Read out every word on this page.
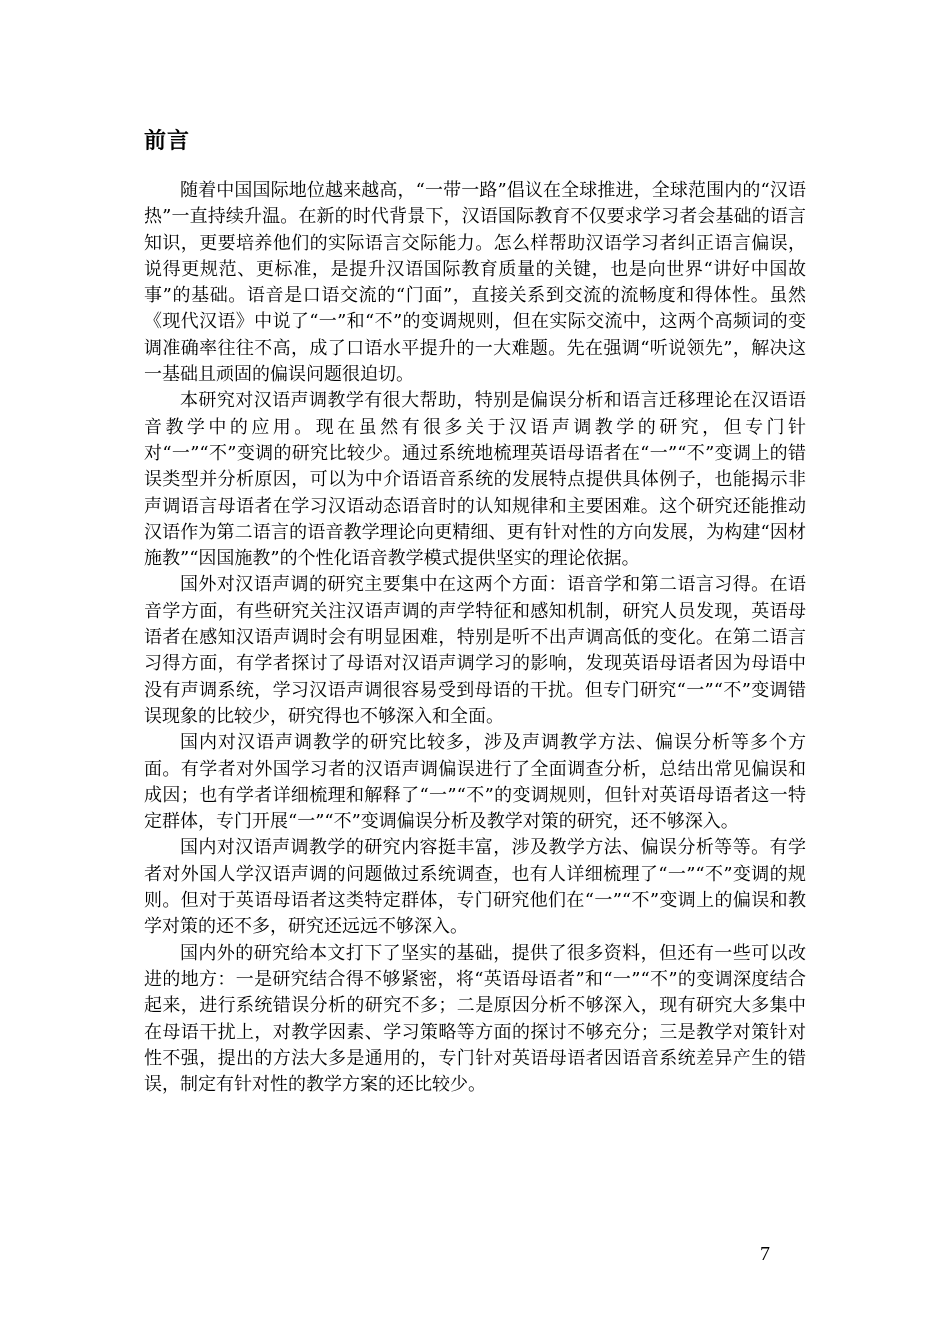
前言

随着中国国际地位越来越高，“一带一路”倡议在全球推进，全球范围内的“汉语热”一直持续升温。在新的时代背景下，汉语国际教育不仅要求学习者会基础的语言知识，更要培养他们的实际语言交际能力。怎么样帮助汉语学习者纠正语言偏误，说得更规范、更标准，是提升汉语国际教育质量的关键，也是向世界“讲好中国故事”的基础。语音是口语交流的“门面”，直接关系到交流的流畅度和得体性。虽然《现代汉语》中说了“一”和“不”的变调规则，但在实际交流中，这两个高频词的变调准确率往往不高，成了口语水平提升的一大难题。先在强调“听说领先”，解决这一基础且顽固的偏误问题很迫切。

本研究对汉语声调教学有很大帮助，特别是偏误分析和语言迁移理论在汉语语音教学中的应用。现在虽然有很多关于汉语声调教学的研究，但专门针对“一”“不”变调的研究比较少。通过系统地梳理英语母语者在“一”“不”变调上的错误类型并分析原因，可以为中介语语音系统的发展特点提供具体例子，也能揭示非声调语言母语者在学习汉语动态语音时的认知规律和主要困难。这个研究还能推动汉语作为第二语言的语音教学理论向更精细、更有针对性的方向发展，为构建“因材施教”“因国施教”的个性化语音教学模式提供坚实的理论依据。

国外对汉语声调的研究主要集中在这两个方面：语音学和第二语言习得。在语音学方面，有些研究关注汉语声调的声学特征和感知机制，研究人员发现，英语母语者在感知汉语声调时会有明显困难，特别是听不出声调高低的变化。在第二语言习得方面，有学者探讨了母语对汉语声调学习的影响，发现英语母语者因为母语中没有声调系统，学习汉语声调很容易受到母语的干扰。但专门研究“一”“不”变调错误现象的比较少，研究得也不够深入和全面。

国内对汉语声调教学的研究比较多，涉及声调教学方法、偏误分析等多个方面。有学者对外国学习者的汉语声调偏误进行了全面调查分析，总结出常见偏误和成因；也有学者详细梳理和解释了“一”“不”的变调规则，但针对英语母语者这一特定群体，专门开展“一”“不”变调偏误分析及教学对策的研究，还不够深入。

国内对汉语声调教学的研究内容挺丰富，涉及教学方法、偏误分析等等。有学者对外国人学汉语声调的问题做过系统调查，也有人详细梳理了“一”“不”变调的规则。但对于英语母语者这类特定群体，专门研究他们在“一”“不”变调上的偏误和教学对策的还不多，研究还远远不够深入。

国内外的研究给本文打下了坚实的基础，提供了很多资料，但还有一些可以改进的地方：一是研究结合得不够紧密，将“英语母语者”和“一”“不”的变调深度结合起来，进行系统错误分析的研究不多；二是原因分析不够深入，现有研究大多集中在母语干扰上，对教学因素、学习策略等方面的探讨不够充分；三是教学对策针对性不强，提出的方法大多是通用的，专门针对英语母语者因语音系统差异产生的错误，制定有针对性的教学方案的还比较少。

7
